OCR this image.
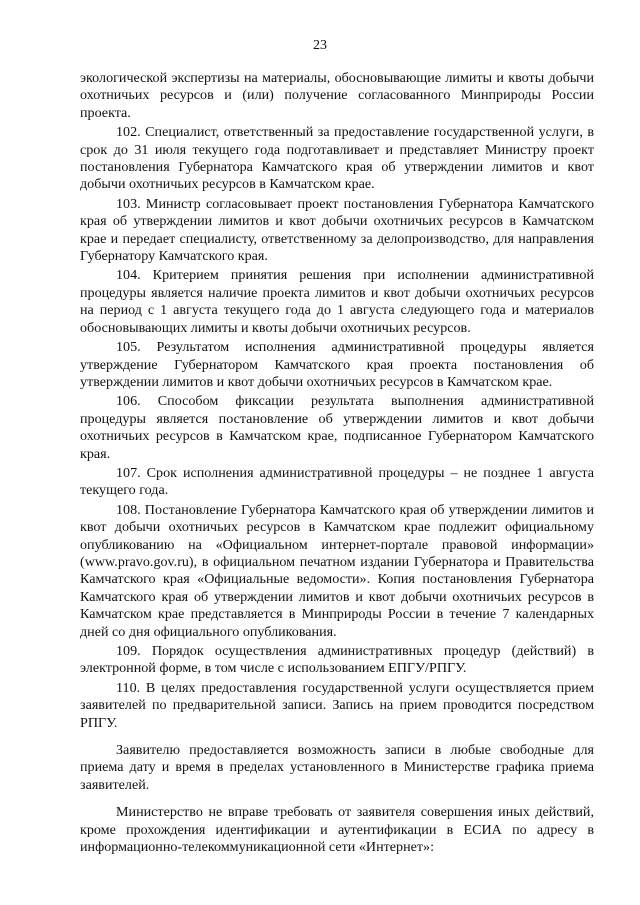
23

экологической экспертизы на материалы, обосновывающие лимиты и квоты добычи охотничьих ресурсов и (или) получение согласованного Минприроды России проекта.

102. Специалист, ответственный за предоставление государственной услуги, в срок до 31 июля текущего года подготавливает и представляет Министру проект постановления Губернатора Камчатского края об утверждении лимитов и квот добычи охотничьих ресурсов в Камчатском крае.

103. Министр согласовывает проект постановления Губернатора Камчатского края об утверждении лимитов и квот добычи охотничьих ресурсов в Камчатском крае и передает специалисту, ответственному за делопроизводство, для направления Губернатору Камчатского края.

104. Критерием принятия решения при исполнении административной процедуры является наличие проекта лимитов и квот добычи охотничьих ресурсов на период с 1 августа текущего года до 1 августа следующего года и материалов обосновывающих лимиты и квоты добычи охотничьих ресурсов.

105. Результатом исполнения административной процедуры является утверждение Губернатором Камчатского края проекта постановления об утверждении лимитов и квот добычи охотничьих ресурсов в Камчатском крае.

106. Способом фиксации результата выполнения административной процедуры является постановление об утверждении лимитов и квот добычи охотничьих ресурсов в Камчатском крае, подписанное Губернатором Камчатского края.

107. Срок исполнения административной процедуры – не позднее 1 августа текущего года.

108. Постановление Губернатора Камчатского края об утверждении лимитов и квот добычи охотничьих ресурсов в Камчатском крае подлежит официальному опубликованию на «Официальном интернет-портале правовой информации» (www.pravo.gov.ru), в официальном печатном издании Губернатора и Правительства Камчатского края «Официальные ведомости». Копия постановления Губернатора Камчатского края об утверждении лимитов и квот добычи охотничьих ресурсов в Камчатском крае представляется в Минприроды России в течение 7 календарных дней со дня официального опубликования.

109. Порядок осуществления административных процедур (действий) в электронной форме, в том числе с использованием ЕПГУ/РПГУ.

110. В целях предоставления государственной услуги осуществляется прием заявителей по предварительной записи. Запись на прием проводится посредством РПГУ.

Заявителю предоставляется возможность записи в любые свободные для приема дату и время в пределах установленного в Министерстве графика приема заявителей.

Министерство не вправе требовать от заявителя совершения иных действий, кроме прохождения идентификации и аутентификации в ЕСИА по адресу в информационно-телекоммуникационной сети «Интернет»:
